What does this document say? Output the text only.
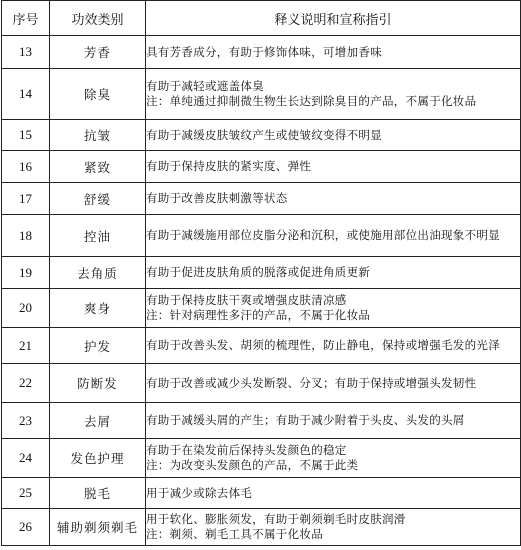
序号	功效类别	释义说明和宣称指引
13	芳香	具有芳香成分，有助于修饰体味，可增加香味

14	除臭	有助于减轻或遮盖体臭
注：单纯通过抑制微生物生长达到除臭目的产品，不属于化妆品

15	抗皱	有助于减缓皮肤皱纹产生或使皱纹变得不明显

16	紧致	有助于保持皮肤的紧实度、弹性

17	舒缓	有助于改善皮肤刺激等状态

18	控油	有助于减缓施用部位皮脂分泌和沉积，或使施用部位出油现象不明显

19	去角质	有助于促进皮肤角质的脱落或促进角质更新

20	爽身	有助于保持皮肤干爽或增强皮肤清凉感
注：针对病理性多汗的产品，不属于化妆品

21	护发	有助于改善头发、胡须的梳理性，防止静电，保持或增强毛发的光泽

22	防断发	有助于改善或减少头发断裂、分叉；有助于保持或增强头发韧性

23	去屑	有助于减缓头屑的产生；有助于减少附着于头皮、头发的头屑

24	发色护理	有助于在染发前后保持头发颜色的稳定
注：为改变头发颜色的产品，不属于此类

25	脱毛	用于减少或除去体毛

26	辅助剃须剃毛	用于软化、膨胀须发，有助于剃须剃毛时皮肤润滑
注：剃须、剃毛工具不属于化妆品
